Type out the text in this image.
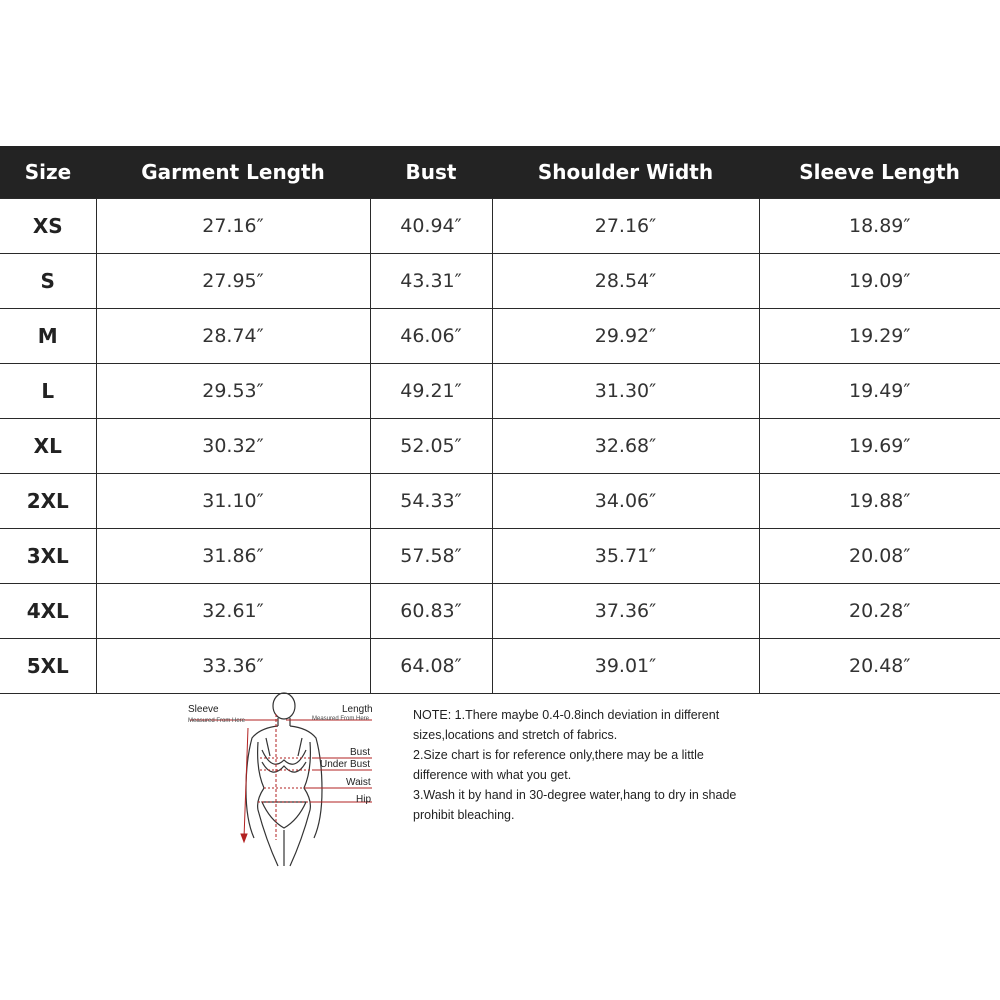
Size	Garment Length	Bust	Shoulder Width	Sleeve Length
XS	27.16″	40.94″	27.16″	18.89″
S	27.95″	43.31″	28.54″	19.09″
M	28.74″	46.06″	29.92″	19.29″
L	29.53″	49.21″	31.30″	19.49″
XL	30.32″	52.05″	32.68″	19.69″
2XL	31.10″	54.33″	34.06″	19.88″
3XL	31.86″	57.58″	35.71″	20.08″
4XL	32.61″	60.83″	37.36″	20.28″
5XL	33.36″	64.08″	39.01″	20.48″
Sleeve
Measured From Here
Length
Measured From Here
Bust
Under Bust
Waist
Hip
NOTE: 1.There maybe 0.4-0.8inch deviation in different
sizes,locations and stretch of fabrics.
2.Size chart is for reference only,there may be a little
difference with what you get.
3.Wash it by hand in 30-degree water,hang to dry in shade
prohibit bleaching.
